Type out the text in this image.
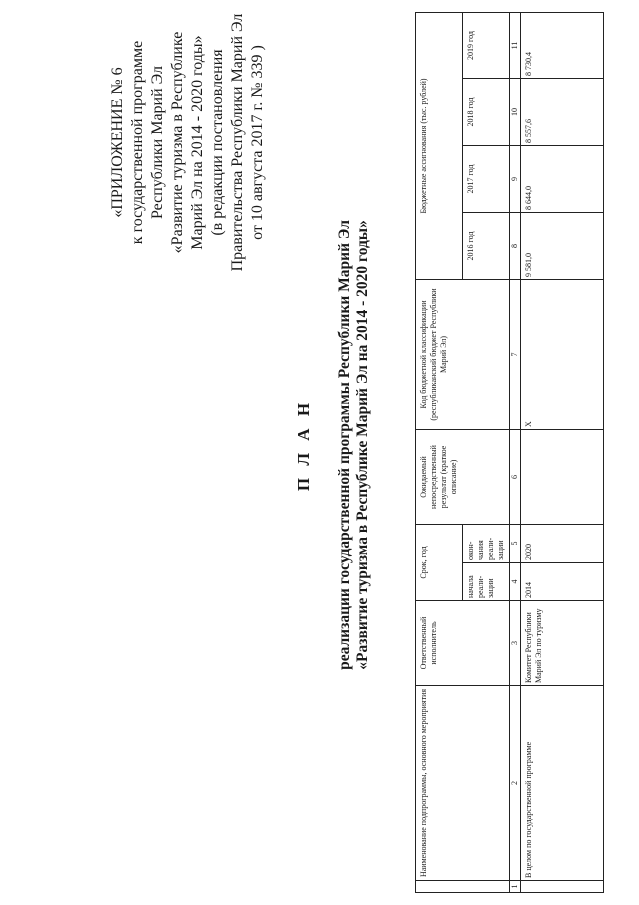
«ПРИЛОЖЕНИЕ № 6 к государственной программе Республики Марий Эл «Развитие туризма в Республике Марий Эл на 2014 - 2020 годы» (в редакции постановления Правительства Республики Марий Эл от 10 августа 2017 г. № 339 )
П Л А Н реализации государственной программы Республики Марий Эл «Развитие туризма в Республике Марий Эл на 2014 - 2020 годы»
	Наименование подпрограммы, основного мероприятия	Ответственный исполнитель	Срок, год		Ожидаемый непосредственный результат (краткое описание)	Код бюджетной классификации (республиканский бюджет Республики Марий Эл)	Бюджетные ассигнования (тыс. рублей)			
			начала реали-зации	окон-чания реали-зации			2016 год	2017 год	2018 год	2019 год
1	2	3	4	5	6	7	8	9	10	11
	В целом по государственной программе	Комитет Республики Марий Эл по туризму	2014	2020		X	9 581,0	8 644,0	8 557,6	8 730,4
